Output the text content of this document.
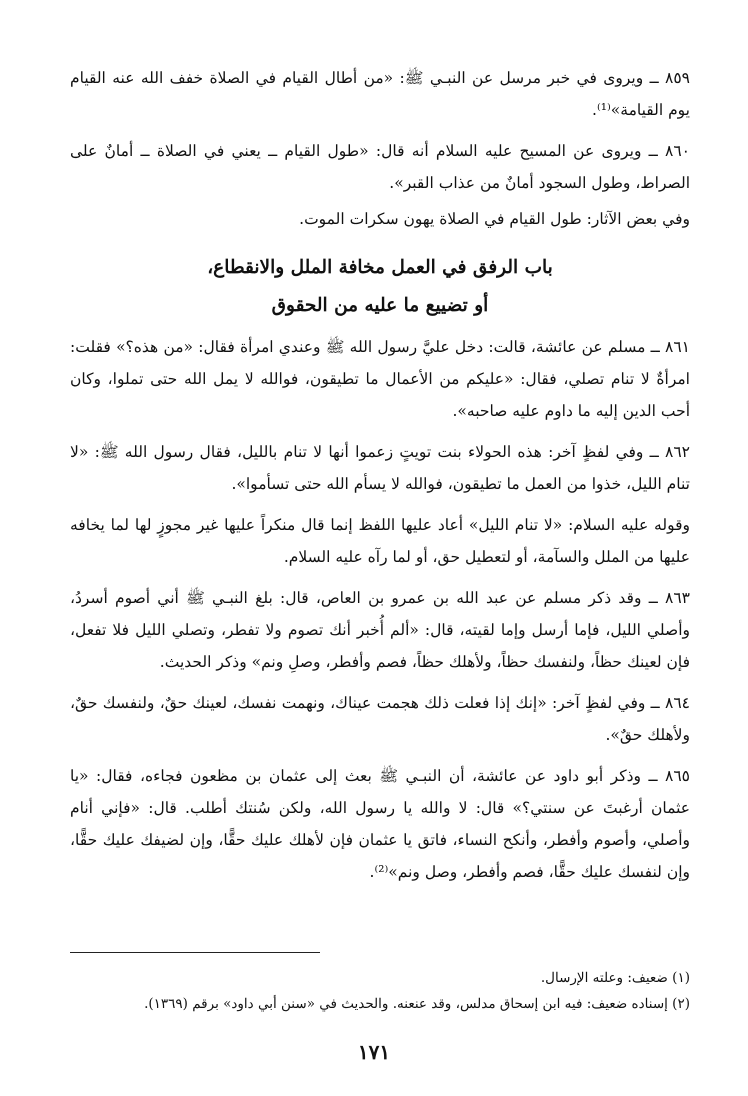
٨٥٩ ــ ويروى في خبر مرسل عن النبـي ﷺ: «من أطال القيام في الصلاة خفف الله عنه القيام يوم القيامة»⁽¹⁾.

٨٦٠ ــ ويروى عن المسيح عليه السلام أنه قال: «طول القيام ــ يعني في الصلاة ــ أمانٌ على الصراط، وطول السجود أمانٌ من عذاب القبر».

وفي بعض الآثار: طول القيام في الصلاة يهون سكرات الموت.

باب الرفق في العمل مخافة الملل والانقطاع،
أو تضييع ما عليه من الحقوق

٨٦١ ــ مسلم عن عائشة، قالت: دخل عليَّ رسول الله ﷺ وعندي امرأة فقال: «من هذه؟» فقلت: امرأةٌ لا تنام تصلي، فقال: «عليكم من الأعمال ما تطيقون، فوالله لا يمل الله حتى تملوا، وكان أحب الدين إليه ما داوم عليه صاحبه».

٨٦٢ ــ وفي لفظٍ آخر: هذه الحولاء بنت تويتٍ زعموا أنها لا تنام بالليل، فقال رسول الله ﷺ: «لا تنام الليل، خذوا من العمل ما تطيقون، فوالله لا يسأم الله حتى تسأموا».

وقوله عليه السلام: «لا تنام الليل» أعاد عليها اللفظ إنما قال منكراً عليها غير مجوزٍ لها لما يخافه عليها من الملل والسآمة، أو لتعطيل حق، أو لما رآه عليه السلام.

٨٦٣ ــ وقد ذكر مسلم عن عبد الله بن عمرو بن العاص، قال: بلغ النبـي ﷺ أني أصوم أسردُ، وأصلي الليل، فإما أرسل وإما لقيته، قال: «ألم أُخبر أنك تصوم ولا تفطر، وتصلي الليل فلا تفعل، فإن لعينك حظاً، ولنفسك حظاً، ولأهلك حظاً، فصم وأفطر، وصلِ ونم» وذكر الحديث.

٨٦٤ ــ وفي لفظٍ آخر: «إنك إذا فعلت ذلك هجمت عيناك، ونهمت نفسك، لعينك حقٌ، ولنفسك حقٌ، ولأهلك حقٌ».

٨٦٥ ــ وذكر أبو داود عن عائشة، أن النبـي ﷺ بعث إلى عثمان بن مظعون فجاءه، فقال: «يا عثمان أرغبتَ عن سنتي؟» قال: لا والله يا رسول الله، ولكن سُنتك أطلب. قال: «فإني أنام وأصلي، وأصوم وأفطر، وأنكح النساء، فاتق يا عثمان فإن لأهلك عليك حقًّا، وإن لضيفك عليك حقًّا، وإن لنفسك عليك حقًّا، فصم وأفطر، وصل ونم»⁽²⁾.

(١) ضعيف: وعلته الإرسال.

(٢) إسناده ضعيف: فيه ابن إسحاق مدلس، وقد عنعنه. والحديث في «سنن أبي داود» برقم (١٣٦٩).

١٧١
